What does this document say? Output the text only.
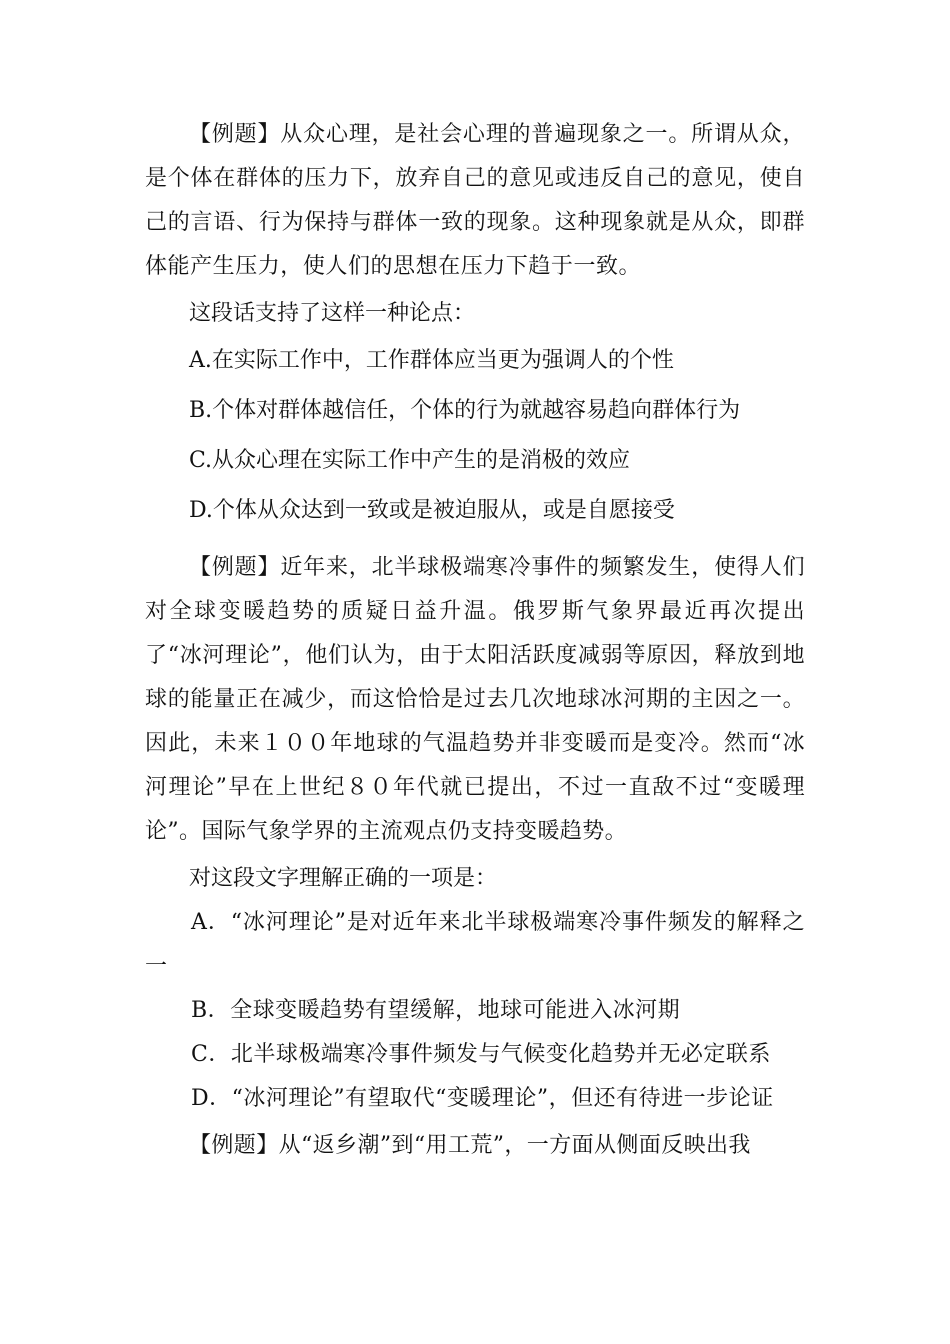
【例题】从众心理，是社会心理的普遍现象之一。所谓从众，是个体在群体的压力下，放弃自己的意见或违反自己的意见，使自己的言语、行为保持与群体一致的现象。这种现象就是从众，即群体能产生压力，使人们的思想在压力下趋于一致。

这段话支持了这样一种论点：

A.在实际工作中，工作群体应当更为强调人的个性

B.个体对群体越信任，个体的行为就越容易趋向群体行为

C.从众心理在实际工作中产生的是消极的效应

D.个体从众达到一致或是被迫服从，或是自愿接受

【例题】近年来，北半球极端寒冷事件的频繁发生，使得人们对全球变暖趋势的质疑日益升温。俄罗斯气象界最近再次提出了“冰河理论”，他们认为，由于太阳活跃度减弱等原因，释放到地球的能量正在减少，而这恰恰是过去几次地球冰河期的主因之一。因此，未来１００年地球的气温趋势并非变暖而是变冷。然而“冰河理论”早在上世纪８０年代就已提出，不过一直敌不过“变暖理论”。国际气象学界的主流观点仍支持变暖趋势。

对这段文字理解正确的一项是：

A．“冰河理论”是对近年来北半球极端寒冷事件频发的解释之一

B．全球变暖趋势有望缓解，地球可能进入冰河期

C．北半球极端寒冷事件频发与气候变化趋势并无必定联系

D．“冰河理论”有望取代“变暖理论”，但还有待进一步论证

【例题】从“返乡潮”到“用工荒”，一方面从侧面反映出我
